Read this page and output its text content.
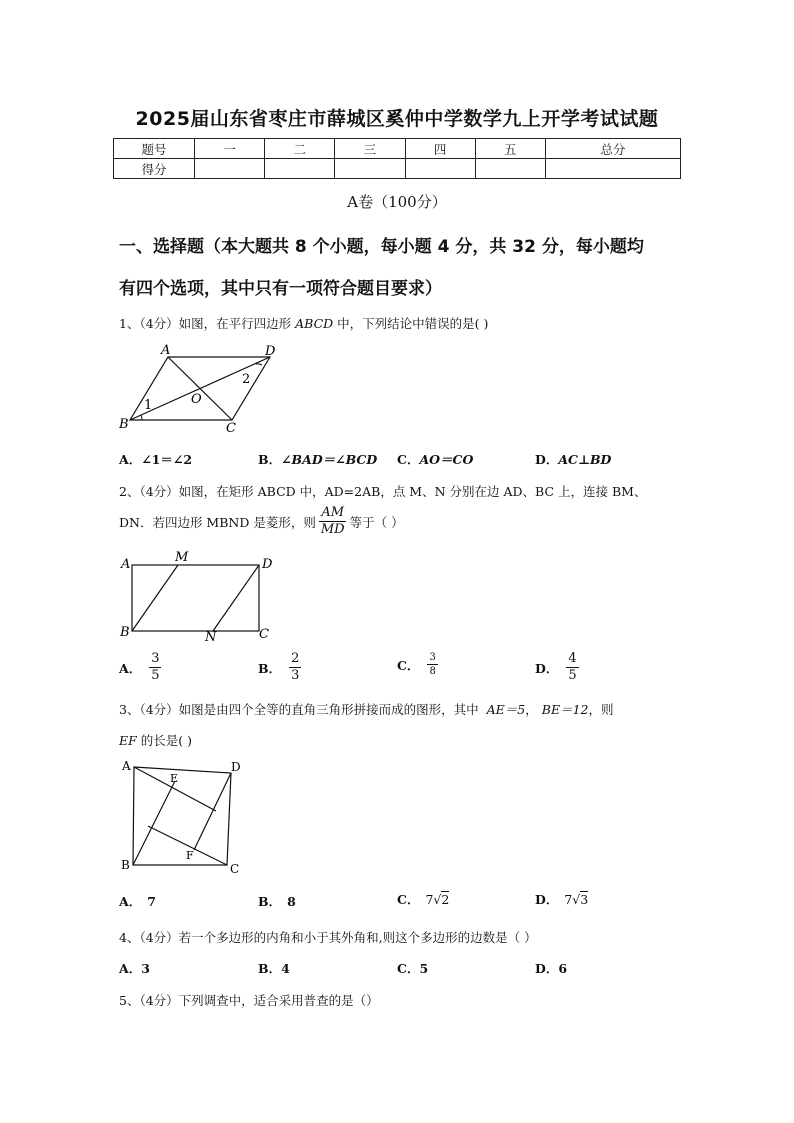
2025届山东省枣庄市薛城区奚仲中学数学九上开学考试试题
题号	一	二	三	四	五	总分
得分						
A卷（100分）
一、选择题（本大题共 8 个小题，每小题 4 分，共 32 分，每小题均
有四个选项，其中只有一项符合题目要求）
1、（4分）如图，在平行四边形 ABCD 中，下列结论中错误的是( )
A	D
B	C
O
1
2
A．∠1＝∠2	B．∠BAD＝∠BCD C．AO＝CO	D．AC⊥BD
2、（4分）如图，在矩形 ABCD 中，AD=2AB，点 M、N 分别在边 AD、BC 上，连接 BM、
DN．若四边形 MBND 是菱形，则 $\frac{AM}{MD}$ 等于（ ）
A	M	D
B	N	C
A． $\frac{3}{5}$	B． $\frac{2}{3}$	C． $\frac{3}{8}$	D． $\frac{4}{5}$
3、（4分）如图是由四个全等的直角三角形拼接而成的图形，其中 AE＝5， BE＝12，则
EF 的长是( )
A	D
E
F
B	C
A． 7	B． 8	C． 7 √ 2	D． 7 √ 3
4、（4分）若一个多边形的内角和小于其外角和,则这个多边形的边数是（ ）
A．3	B．4	C．5	D．6
5、（4分）下列调查中，适合采用普查的是（）
